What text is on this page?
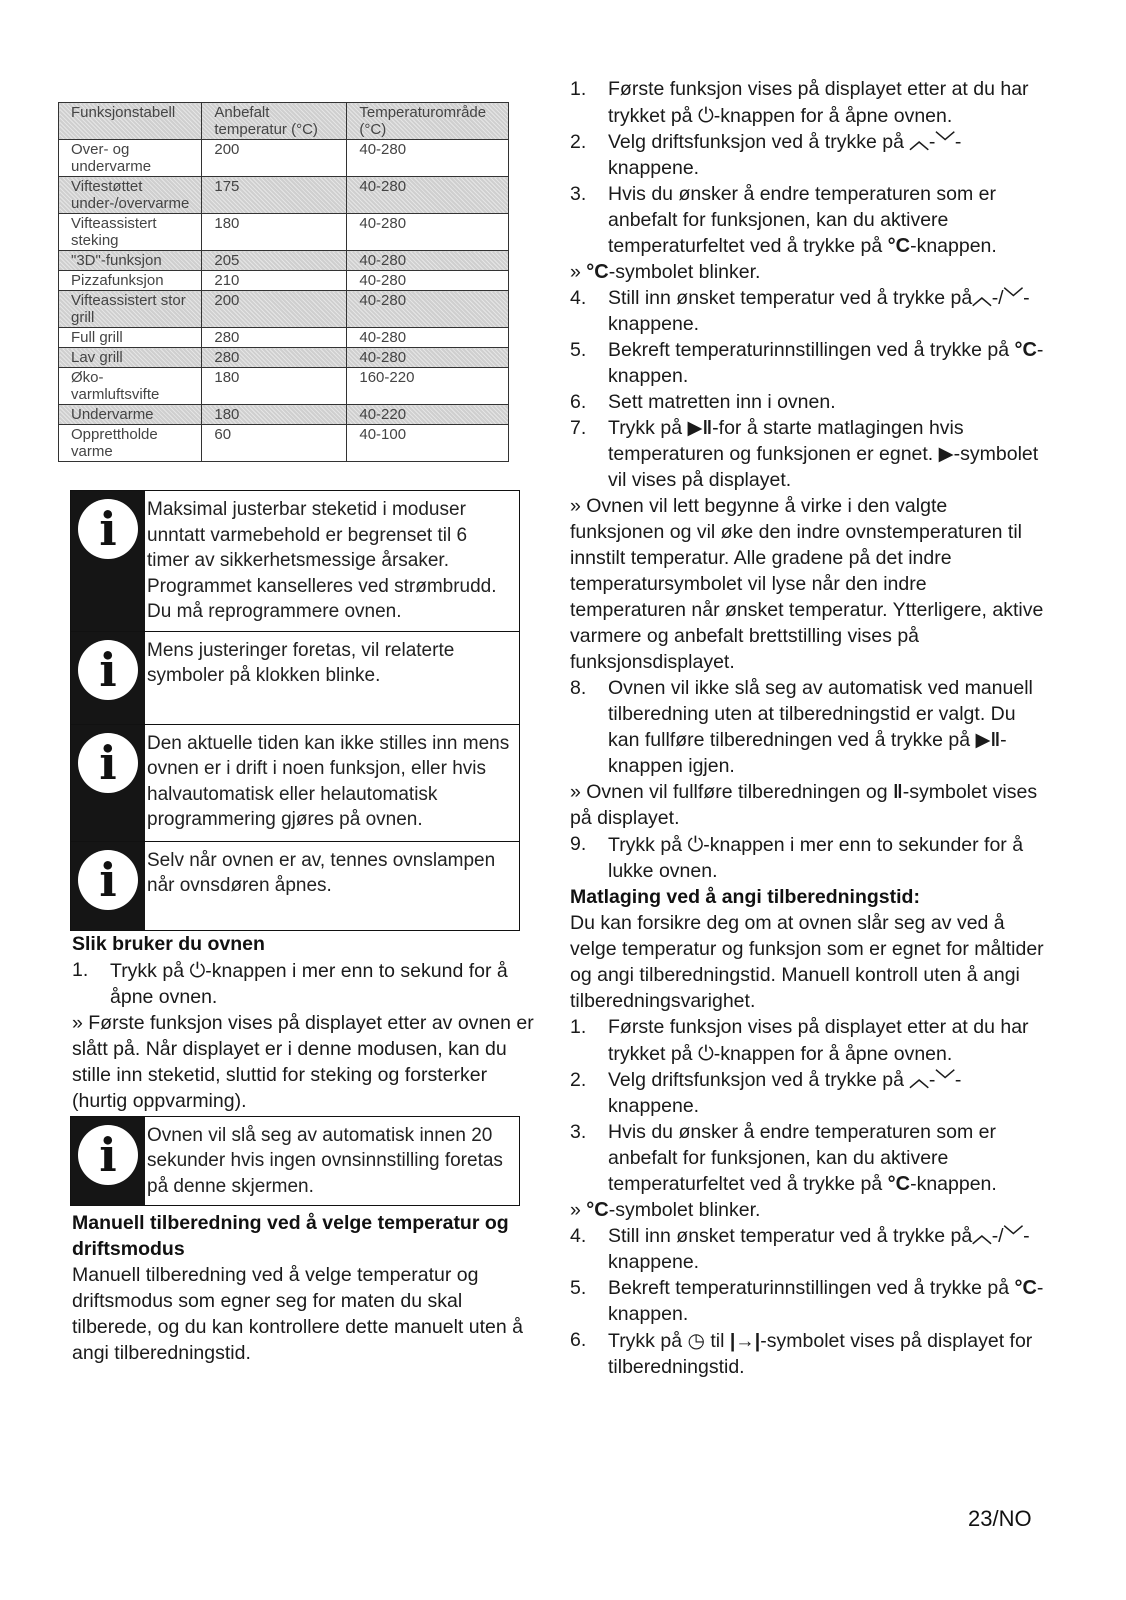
Funksjonstabell	Anbefalt temperatur (°C)	Temperaturområde (°C)
Over- og undervarme	200	40-280
Viftestøttet under-/overvarme	175	40-280
Vifteassistert steking	180	40-280
"3D"-funksjon	205	40-280
Pizzafunksjon	210	40-280
Vifteassistert stor grill	200	40-280
Full grill	280	40-280
Lav grill	280	40-280
Øko-varmluftsvifte	180	160-220
Undervarme	180	40-220
Opprettholde varme	60	40-100
i	Maksimal justerbar steketid i moduser unntatt varmebehold er begrenset til 6 timer av sikkerhetsmessige årsaker. Programmet kanselleres ved strømbrudd. Du må reprogrammere ovnen.
i	Mens justeringer foretas, vil relaterte symboler på klokken blinke.
i	Den aktuelle tiden kan ikke stilles inn mens ovnen er i drift i noen funksjon, eller hvis halvautomatisk eller helautomatisk programmering gjøres på ovnen.
i	Selv når ovnen er av, tennes ovnslampen når ovnsdøren åpnes.
Slik bruker du ovnen
1.	Trykk på ⏻-knappen i mer enn to sekund for å åpne ovnen.
» Første funksjon vises på displayet etter av ovnen er slått på. Når displayet er i denne modusen, kan du stille inn steketid, sluttid for steking og forsterker (hurtig oppvarming).
i	Ovnen vil slå seg av automatisk innen 20 sekunder hvis ingen ovnsinnstilling foretas på denne skjermen.
Manuell tilberedning ved å velge temperatur og driftsmodus

Manuell tilberedning ved å velge temperatur og driftsmodus som egner seg for maten du skal tilberede, og du kan kontrollere dette manuelt uten å angi tilberedningstid.

1.	Første funksjon vises på displayet etter at du har trykket på ⏻-knappen for å åpne ovnen.
2.	Velg driftsfunksjon ved å trykke på ︿-﹀-knappene.
3.	Hvis du ønsker å endre temperaturen som er anbefalt for funksjonen, kan du aktivere temperaturfeltet ved å trykke på °C-knappen.
» °C-symbolet blinker.
4.	Still inn ønsket temperatur ved å trykke på︿-/﹀-knappene.
5.	Bekreft temperaturinnstillingen ved å trykke på °C-knappen.
6.	Sett matretten inn i ovnen.
7.	Trykk på ▶‖-for å starte matlagingen hvis temperaturen og funksjonen er egnet. ▶-symbolet vil vises på displayet.
» Ovnen vil lett begynne å virke i den valgte funksjonen og vil øke den indre ovnstemperaturen til innstilt temperatur. Alle gradene på det indre temperatursymbolet vil lyse når den indre temperaturen når ønsket temperatur. Ytterligere, aktive varmere og anbefalt brettstilling vises på funksjonsdisplayet.
8.	Ovnen vil ikke slå seg av automatisk ved manuell tilberedning uten at tilberedningstid er valgt. Du kan fullføre tilberedningen ved å trykke på ▶‖-knappen igjen.
» Ovnen vil fullføre tilberedningen og ‖-symbolet vises på displayet.
9.	Trykk på ⏻-knappen i mer enn to sekunder for å lukke ovnen.
Matlaging ved å angi tilberedningstid:

Du kan forsikre deg om at ovnen slår seg av ved å velge temperatur og funksjon som er egnet for måltider og angi tilberedningstid. Manuell kontroll uten å angi tilberedningsvarighet.

1.	Første funksjon vises på displayet etter at du har trykket på ⏻-knappen for å åpne ovnen.
2.	Velg driftsfunksjon ved å trykke på ︿-﹀-knappene.
3.	Hvis du ønsker å endre temperaturen som er anbefalt for funksjonen, kan du aktivere temperaturfeltet ved å trykke på °C-knappen.
» °C-symbolet blinker.
4.	Still inn ønsket temperatur ved å trykke på︿-/﹀-knappene.
5.	Bekreft temperaturinnstillingen ved å trykke på °C-knappen.
6.	Trykk på ◷ til |→|-symbolet vises på displayet for tilberedningstid.
23/NO
